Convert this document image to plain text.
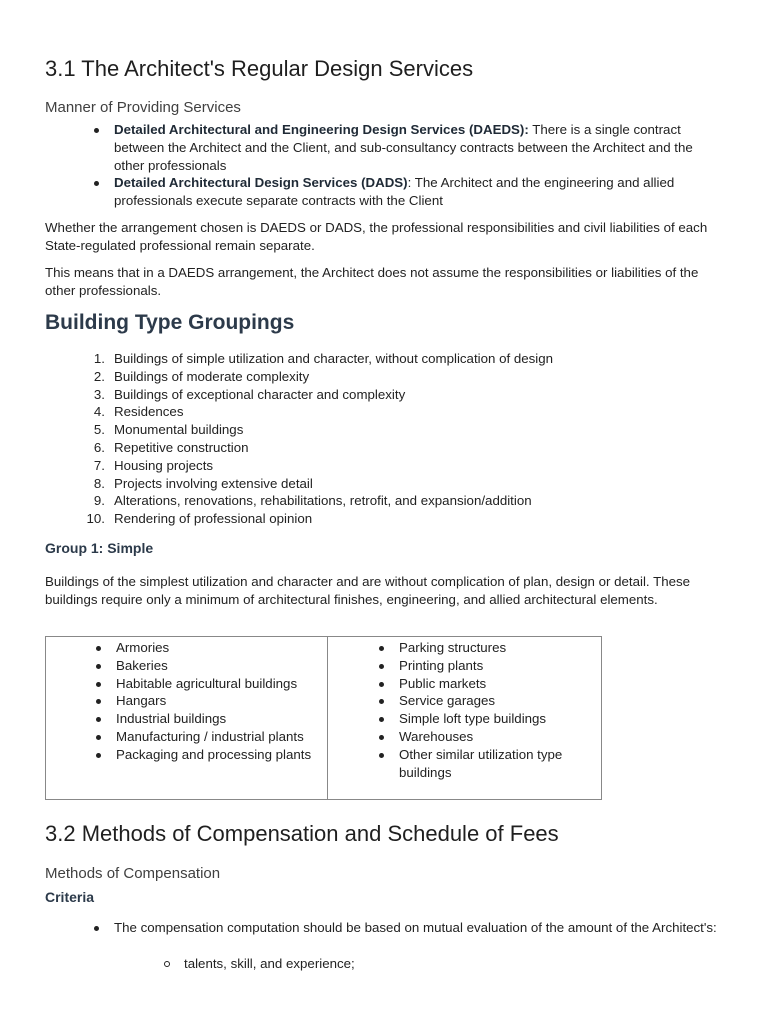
3.1 The Architect's Regular Design Services

Manner of Providing Services

Detailed Architectural and Engineering Design Services (DAEDS): There is a single contract between the Architect and the Client, and sub-consultancy contracts between the Architect and the other professionals
Detailed Architectural Design Services (DADS): The Architect and the engineering and allied professionals execute separate contracts with the Client

Whether the arrangement chosen is DAEDS or DADS, the professional responsibilities and civil liabilities of each State-regulated professional remain separate.

This means that in a DAEDS arrangement, the Architect does not assume the responsibilities or liabilities of the other professionals.

Building Type Groupings
1. Buildings of simple utilization and character, without complication of design
2. Buildings of moderate complexity
3. Buildings of exceptional character and complexity
4. Residences
5. Monumental buildings
6. Repetitive construction
7. Housing projects
8. Projects involving extensive detail
9. Alterations, renovations, rehabilitations, retrofit, and expansion/addition
10. Rendering of professional opinion

Group 1: Simple

Buildings of the simplest utilization and character and are without complication of plan, design or detail. These buildings require only a minimum of architectural finishes, engineering, and allied architectural elements.

Armories
Bakeries
Habitable agricultural buildings
Hangars
Industrial buildings
Manufacturing / industrial plants
Packaging and processing plants
Parking structures
Printing plants
Public markets
Service garages
Simple loft type buildings
Warehouses
Other similar utilization type buildings
3.2 Methods of Compensation and Schedule of Fees

Methods of Compensation

Criteria

The compensation computation should be based on mutual evaluation of the amount of the Architect's:
talents, skill, and experience;
